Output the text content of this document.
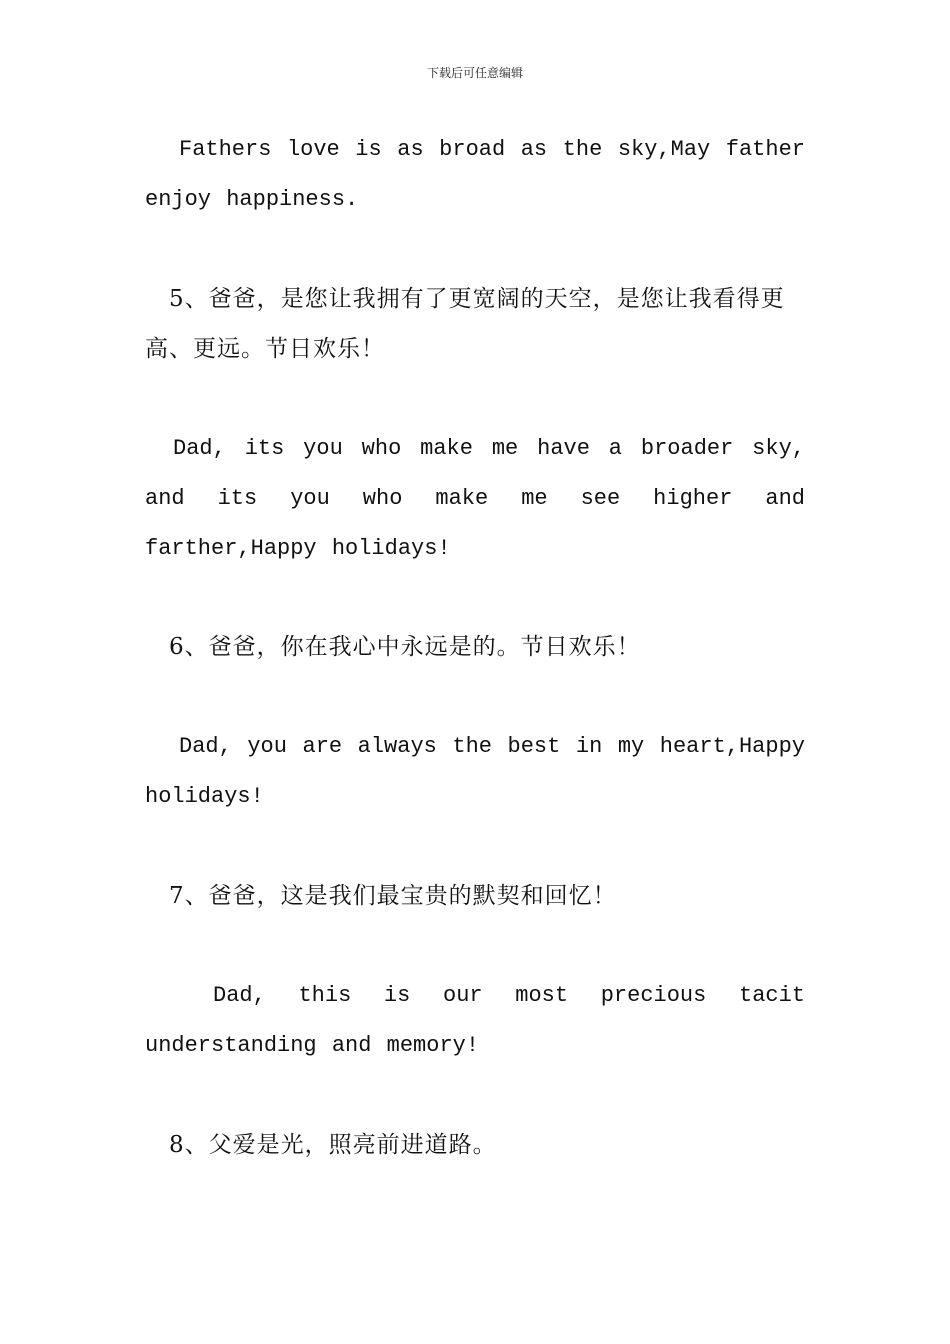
下载后可任意编辑
Fathers love is as broad as the sky,May father enjoy happiness.
5、爸爸，是您让我拥有了更宽阔的天空，是您让我看得更高、更远。节日欢乐！
Dad, its you who make me have a broader sky, and its you who make me see higher and farther,Happy holidays!
6、爸爸，你在我心中永远是的。节日欢乐！
Dad, you are always the best in my heart,Happy holidays!
7、爸爸，这是我们最宝贵的默契和回忆！
Dad, this is our most precious tacit understanding and memory!
8、父爱是光，照亮前进道路。
